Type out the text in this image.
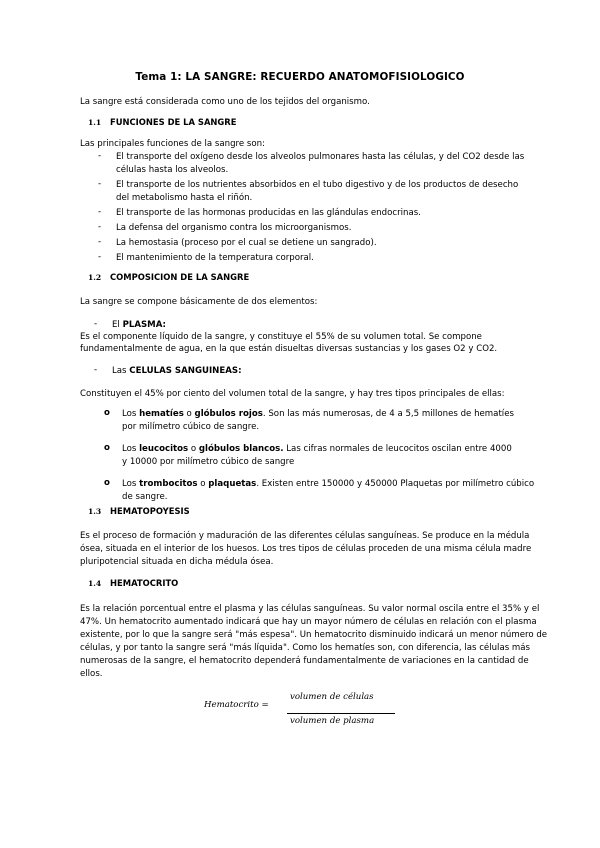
Tema 1: LA SANGRE: RECUERDO ANATOMOFISIOLOGICO
La sangre está considerada como uno de los tejidos del organismo.
1.1 FUNCIONES DE LA SANGRE
Las principales funciones de la sangre son:
- El transporte del oxígeno desde los alveolos pulmonares hasta las células, y del CO2 desde las
células hasta los alveolos.
- El transporte de los nutrientes absorbidos en el tubo digestivo y de los productos de desecho
del metabolismo hasta el riñón.
- El transporte de las hormonas producidas en las glándulas endocrinas.
- La defensa del organismo contra los microorganismos.
- La hemostasia (proceso por el cual se detiene un sangrado).
- El mantenimiento de la temperatura corporal.
1.2 COMPOSICION DE LA SANGRE
La sangre se compone básicamente de dos elementos:
- El PLASMA:
Es el componente líquido de la sangre, y constituye el 55% de su volumen total. Se compone
fundamentalmente de agua, en la que están disueltas diversas sustancias y los gases O2 y CO2.
- Las CELULAS SANGUINEAS:
Constituyen el 45% por ciento del volumen total de la sangre, y hay tres tipos principales de ellas:
o Los hematíes o glóbulos rojos. Son las más numerosas, de 4 a 5,5 millones de hematíes
por milímetro cúbico de sangre.
o Los leucocitos o glóbulos blancos. Las cifras normales de leucocitos oscilan entre 4000
y 10000 por milímetro cúbico de sangre
o Los trombocitos o plaquetas. Existen entre 150000 y 450000 Plaquetas por milímetro cúbico
de sangre.
1.3 HEMATOPOYESIS
Es el proceso de formación y maduración de las diferentes células sanguíneas. Se produce en la médula
ósea, situada en el interior de los huesos. Los tres tipos de células proceden de una misma célula madre
pluripotencial situada en dicha médula ósea.
1.4 HEMATOCRITO
Es la relación porcentual entre el plasma y las células sanguíneas. Su valor normal oscila entre el 35% y el
47%. Un hematocrito aumentado indicará que hay un mayor número de células en relación con el plasma
existente, por lo que la sangre será "más espesa". Un hematocrito disminuido indicará un menor número de
células, y por tanto la sangre será "más líquida". Como los hematíes son, con diferencia, las células más
numerosas de la sangre, el hematocrito dependerá fundamentalmente de variaciones en la cantidad de
ellos.
Hematocrito =
volumen de células
volumen de plasma
